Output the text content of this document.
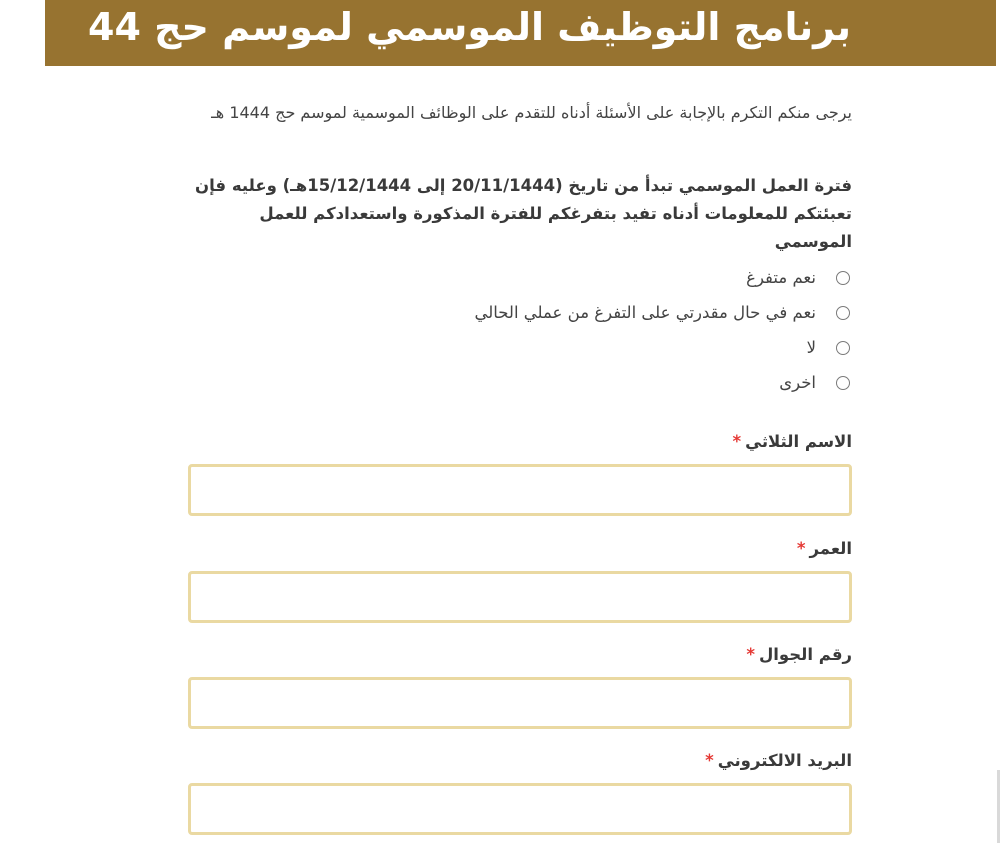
برنامج التوظيف الموسمي لموسم حج 44

يرجى منكم التكرم بالإجابة على الأسئلة أدناه للتقدم على الوظائف الموسمية لموسم حج 1444 هـ

فترة العمل الموسمي تبدأ من تاريخ (20/11/1444 إلى 15/12/1444هـ) وعليه فإن تعبئتكم للمعلومات أدناه تفيد بتفرغكم للفترة المذكورة واستعدادكم للعمل الموسمي

نعم متفرغ
نعم في حال مقدرتي على التفرغ من عملي الحالي
لا
اخرى
الاسم الثلاثي*
العمر*
رقم الجوال*
البريد الالكتروني*
